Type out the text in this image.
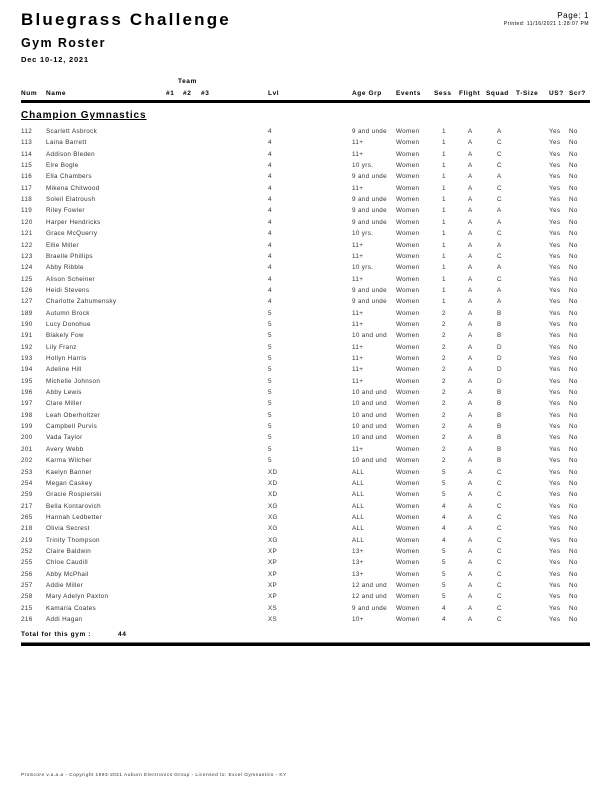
Bluegrass Challenge
Gym Roster
Dec 10-12, 2021
Page: 1
Printed: 11/16/2021 1:28:07 PM
Team
Num Name	#1 #2 #3	Lvl	Age Grp Events Sess Flight Squad T-Size US? Scr?
Champion Gymnastics
112 Scarlett Asbrock	4	9 and unde Women	1	A	A	Yes No
113 Laina Barrett	4	11+	Women	1	A	C	Yes No
114 Addison Bleden	4	11+	Women	1	A	C	Yes No
115 Elre Bogle	4	10 yrs.	Women	1	A	C	Yes No
116 Ella Chambers	4	9 and unde Women	1	A	A	Yes No
117 Mikena Chitwood	4	11+	Women	1	A	C	Yes No
118 Soleil Elatroush	4	9 and unde Women	1	A	C	Yes No
119 Riley Fowler	4	9 and unde Women	1	A	A	Yes No
120 Harper Hendricks	4	9 and unde Women	1	A	A	Yes No
121 Grace McQuerry	4	10 yrs.	Women	1	A	C	Yes No
122 Ellie Miller	4	11+	Women	1	A	A	Yes No
123 Braelle Phillips	4	11+	Women	1	A	C	Yes No
124 Abby Ribble	4	10 yrs.	Women	1	A	A	Yes No
125 Alison Scheiner	4	11+	Women	1	A	C	Yes No
126 Heidi Stevens	4	9 and unde Women	1	A	A	Yes No
127 Charlotte Zahumensky	4	9 and unde Women	1	A	A	Yes No
189 Autumn Brock	5	11+	Women	2	A	B	Yes No
190 Lucy Donohue	5	11+	Women	2	A	B	Yes No
191 Blakely Fow	5	10 and und Women	2	A	B	Yes No
192 Lily Franz	5	11+	Women	2	A	D	Yes No
193 Hollyn Harris	5	11+	Women	2	A	D	Yes No
194 Adeline Hill	5	11+	Women	2	A	D	Yes No
195 Michelle Johnson	5	11+	Women	2	A	D	Yes No
196 Abby Lewis	5	10 and und Women	2	A	B	Yes No
197 Clare Miller	5	10 and und Women	2	A	B	Yes No
198 Leah Oberholtzer	5	10 and und Women	2	A	B	Yes No
199 Campbell Purvis	5	10 and und Women	2	A	B	Yes No
200 Vada Taylor	5	10 and und Women	2	A	B	Yes No
201 Avery Webb	5	11+	Women	2	A	B	Yes No
202 Karma Wilcher	5	10 and und Women	2	A	B	Yes No
253 Kaelyn Banner	XD	ALL	Women	5	A	C	Yes No
254 Megan Caskey	XD	ALL	Women	5	A	C	Yes No
259 Gracie Rospierski	XD	ALL	Women	5	A	C	Yes No
217 Bella Kontarovich	XG	ALL	Women	4	A	C	Yes No
265 Hannah Ledbetter	XG	ALL	Women	4	A	C	Yes No
218 Olivia Secrest	XG	ALL	Women	4	A	C	Yes No
219 Trinity Thompson	XG	ALL	Women	4	A	C	Yes No
252 Claire Baldwin	XP	13+	Women	5	A	C	Yes No
255 Chloe Caudill	XP	13+	Women	5	A	C	Yes No
256 Abby McPhail	XP	13+	Women	5	A	C	Yes No
257 Addie Miller	XP	12 and und Women	5	A	C	Yes No
258 Mary Adelyn Paxton	XP	12 and und Women	5	A	C	Yes No
215 Kamaria Coates	XS	9 and unde Women	4	A	C	Yes No
216 Addi Hagan	XS	10+	Women	4	A	C	Yes No
Total for this gym :	44
ProScore v.a.a.a - Copyright 1993-2021 Auburn Electronics Group - Licensed to: Excel Gymnastics - KY
